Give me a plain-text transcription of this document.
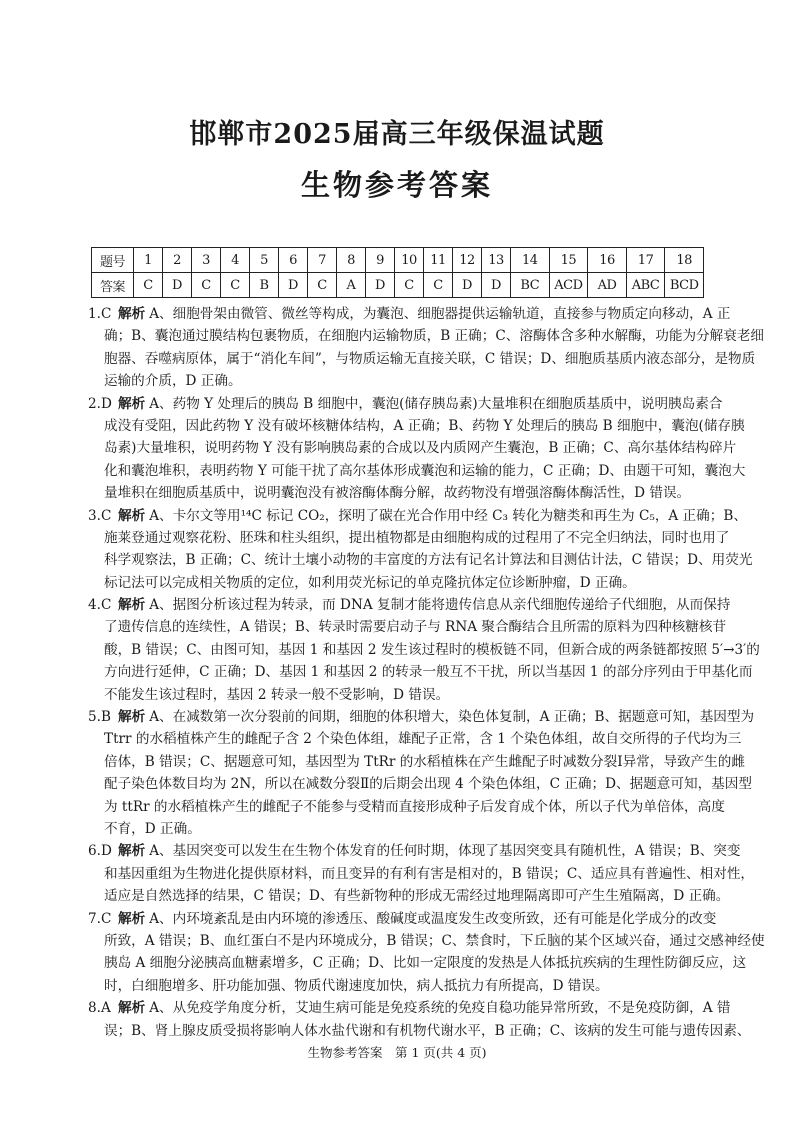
邯郸市2025届高三年级保温试题
生物参考答案
题号	1	2	3	4	5	6	7	8	9	10	11	12	13	14	15	16	17	18
答案	C	D	C	C	B	D	C	A	D	C	C	D	D	BC	ACD	AD	ABC	BCD
1.C 解析 A、细胞骨架由微管、微丝等构成，为囊泡、细胞器提供运输轨道，直接参与物质定向移动，A 正
确；B、囊泡通过膜结构包裹物质，在细胞内运输物质，B 正确；C、溶酶体含多种水解酶，功能为分解衰老细
胞器、吞噬病原体，属于“消化车间”，与物质运输无直接关联，C 错误；D、细胞质基质内液态部分，是物质
运输的介质，D 正确。
2.D 解析 A、药物 Y 处理后的胰岛 B 细胞中，囊泡(储存胰岛素)大量堆积在细胞质基质中，说明胰岛素合
成没有受阻，因此药物 Y 没有破坏核糖体结构，A 正确；B、药物 Y 处理后的胰岛 B 细胞中，囊泡(储存胰
岛素)大量堆积，说明药物 Y 没有影响胰岛素的合成以及内质网产生囊泡，B 正确；C、高尔基体结构碎片
化和囊泡堆积，表明药物 Y 可能干扰了高尔基体形成囊泡和运输的能力，C 正确；D、由题干可知，囊泡大
量堆积在细胞质基质中，说明囊泡没有被溶酶体酶分解，故药物没有增强溶酶体酶活性，D 错误。
3.C 解析 A、卡尔文等用¹⁴C 标记 CO₂，探明了碳在光合作用中经 C₃ 转化为糖类和再生为 C₅，A 正确；B、
施莱登通过观察花粉、胚珠和柱头组织，提出植物都是由细胞构成的过程用了不完全归纳法，同时也用了
科学观察法，B 正确；C、统计土壤小动物的丰富度的方法有记名计算法和目测估计法，C 错误；D、用荧光
标记法可以完成相关物质的定位，如利用荧光标记的单克隆抗体定位诊断肿瘤，D 正确。
4.C 解析 A、据图分析该过程为转录，而 DNA 复制才能将遗传信息从亲代细胞传递给子代细胞，从而保持
了遗传信息的连续性，A 错误；B、转录时需要启动子与 RNA 聚合酶结合且所需的原料为四种核糖核苷
酸，B 错误；C、由图可知，基因 1 和基因 2 发生该过程时的模板链不同，但新合成的两条链都按照 5′→3′的
方向进行延伸，C 正确；D、基因 1 和基因 2 的转录一般互不干扰，所以当基因 1 的部分序列由于甲基化而
不能发生该过程时，基因 2 转录一般不受影响，D 错误。
5.B 解析 A、在减数第一次分裂前的间期，细胞的体积增大，染色体复制，A 正确；B、据题意可知，基因型为
Ttrr 的水稻植株产生的雌配子含 2 个染色体组，雄配子正常，含 1 个染色体组，故自交所得的子代均为三
倍体，B 错误；C、据题意可知，基因型为 TtRr 的水稻植株在产生雌配子时减数分裂Ⅰ异常，导致产生的雌
配子染色体数目均为 2N，所以在减数分裂Ⅱ的后期会出现 4 个染色体组，C 正确；D、据题意可知，基因型
为 ttRr 的水稻植株产生的雌配子不能参与受精而直接形成种子后发育成个体，所以子代为单倍体，高度
不育，D 正确。
6.D 解析 A、基因突变可以发生在生物个体发育的任何时期，体现了基因突变具有随机性，A 错误；B、突变
和基因重组为生物进化提供原材料，而且变异的有利有害是相对的，B 错误；C、适应具有普遍性、相对性，
适应是自然选择的结果，C 错误；D、有些新物种的形成无需经过地理隔离即可产生生殖隔离，D 正确。
7.C 解析 A、内环境紊乱是由内环境的渗透压、酸碱度或温度发生改变所致，还有可能是化学成分的改变
所致，A 错误；B、血红蛋白不是内环境成分，B 错误；C、禁食时，下丘脑的某个区域兴奋，通过交感神经使
胰岛 A 细胞分泌胰高血糖素增多，C 正确；D、比如一定限度的发热是人体抵抗疾病的生理性防御反应，这
时，白细胞增多、肝功能加强、物质代谢速度加快，病人抵抗力有所提高，D 错误。
8.A 解析 A、从免疫学角度分析，艾迪生病可能是免疫系统的免疫自稳功能异常所致，不是免疫防御，A 错
误；B、肾上腺皮质受损将影响人体水盐代谢和有机物代谢水平，B 正确；C、该病的发生可能与遗传因素、
生物参考答案　第 1 页(共 4 页)
